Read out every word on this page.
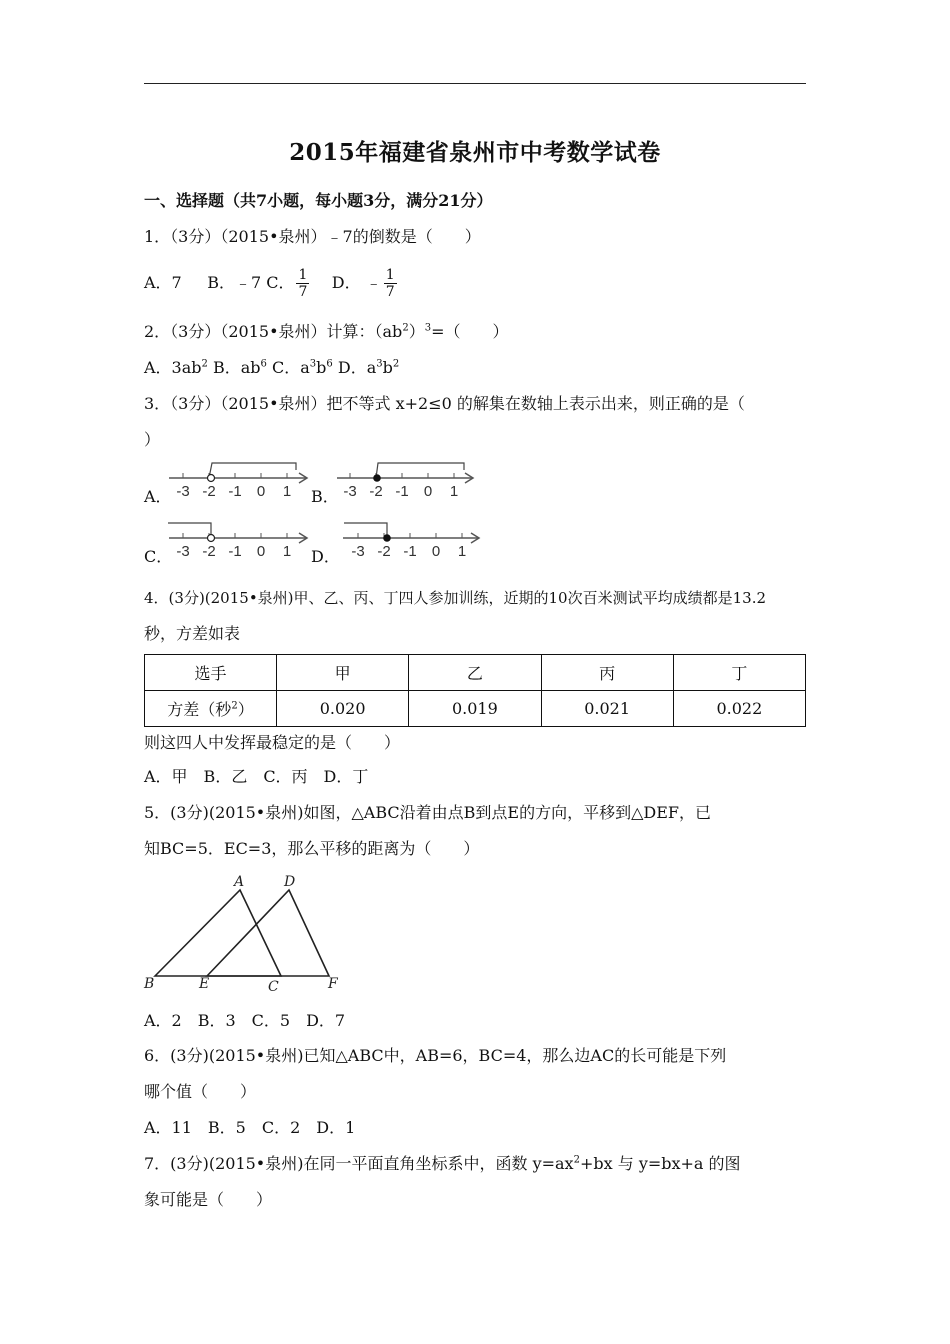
2015年福建省泉州市中考数学试卷
一、选择题（共7小题，每小题3分，满分21分）
1．（3分）（2015•泉州）﹣7的倒数是（　　）
A．7 B．﹣7 C． $\frac{1}{7}$ D． ﹣ $\frac{1}{7}$
2．（3分）（2015•泉州）计算：$(ab^2)^3=$（　　）
A．$3ab^2$ B．$ab^6$ C．$a^3b^6$ D．$a^3b^2$
3．（3分）（2015•泉州）把不等式 x+2≤0 的解集在数轴上表示出来，则正确的是（
）
A．	B．
C．	D．
-3 -2 -1 0 1	-3 -2 -1 0 1
-3 -2 -1 0 1	-3 -2 -1 0 1
4．(3分)(2015•泉州)甲、乙、丙、丁四人参加训练，近期的10次百米测试平均成绩都是13.2
秒，方差如表
选手	甲	乙	丙	丁
方差（秒$^2$）	0.020	0.019	0.021	0.022
则这四人中发挥最稳定的是（　　）
A．甲　B．乙　C．丙　D．丁
5．(3分)(2015•泉州)如图，△ABC沿着由点B到点E的方向，平移到△DEF，已
知BC=5．EC=3，那么平移的距离为（　　）
A	D
B	E	C	F
A．2　B．3　C．5　D．7
6．(3分)(2015•泉州)已知△ABC中，AB=6，BC=4，那么边AC的长可能是下列
哪个值（　　）
A．11　B．5　C．2　D．1
7．(3分)(2015•泉州)在同一平面直角坐标系中，函数 $y=ax^2+bx$ 与 y=bx+a 的图
象可能是（　　）
